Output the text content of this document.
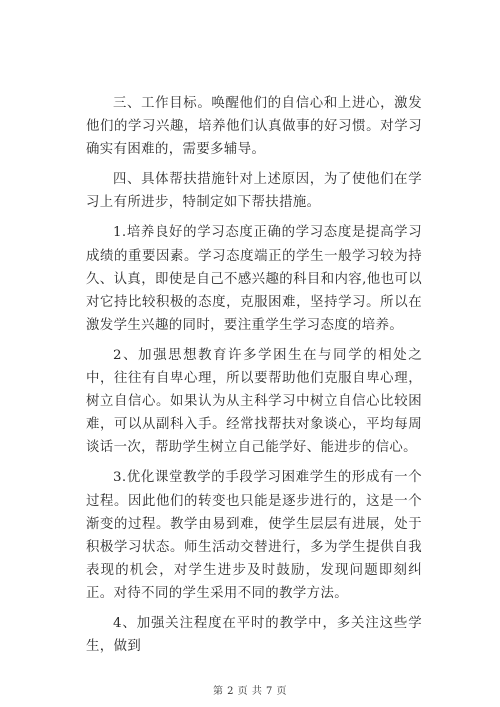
三、工作目标。唤醒他们的自信心和上进心，激发他们的学习兴趣，培养他们认真做事的好习惯。对学习确实有困难的，需要多辅导。

四、具体帮扶措施针对上述原因，为了使他们在学习上有所进步，特制定如下帮扶措施。

1.培养良好的学习态度正确的学习态度是提高学习成绩的重要因素。学习态度端正的学生一般学习较为持久、认真，即使是自己不感兴趣的科目和内容,他也可以对它持比较积极的态度，克服困难，坚持学习。所以在激发学生兴趣的同时，要注重学生学习态度的培养。

2、加强思想教育许多学困生在与同学的相处之中，往往有自卑心理，所以要帮助他们克服自卑心理，树立自信心。如果认为从主科学习中树立自信心比较困难，可以从副科入手。经常找帮扶对象谈心，平均每周谈话一次，帮助学生树立自己能学好、能进步的信心。

3.优化课堂教学的手段学习困难学生的形成有一个过程。因此他们的转变也只能是逐步进行的，这是一个渐变的过程。教学由易到难，使学生层层有进展，处于积极学习状态。师生活动交替进行，多为学生提供自我表现的机会，对学生进步及时鼓励，发现问题即刻纠正。对待不同的学生采用不同的教学方法。

4、加强关注程度在平时的教学中，多关注这些学生，做到

第 2 页 共 7 页
